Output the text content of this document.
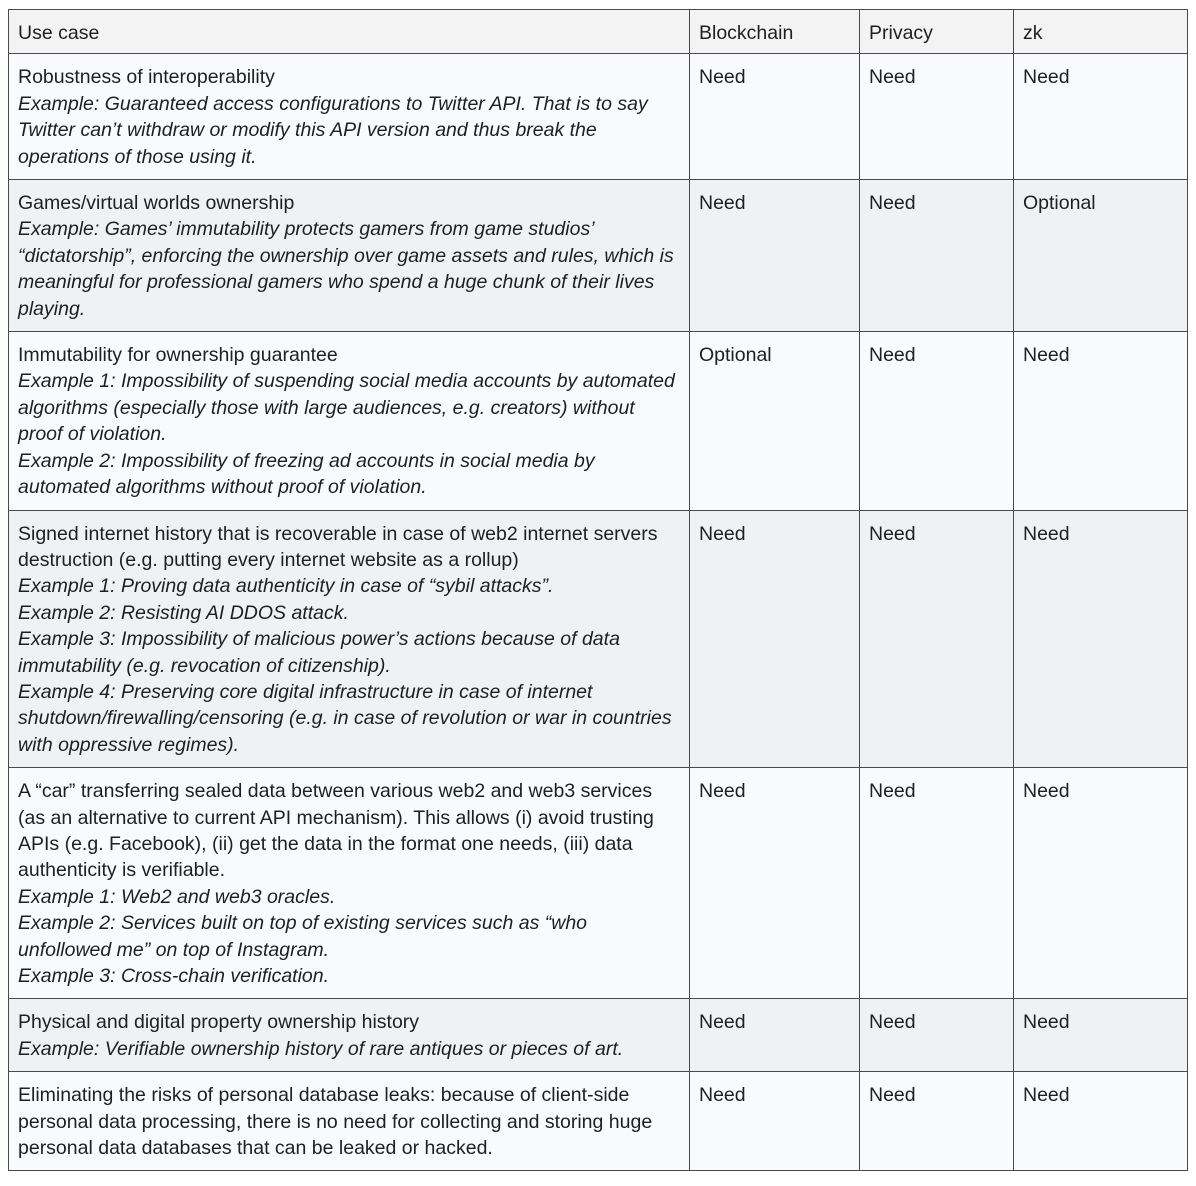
Use case	Blockchain	Privacy	zk

Robustness of interoperability
Example: Guaranteed access configurations to Twitter API. That is to say Twitter can’t withdraw or modify this API version and thus break the operations of those using it.	Need	Need	Need

Games/virtual worlds ownership
Example: Games’ immutability protects gamers from game studios’ “dictatorship”, enforcing the ownership over game assets and rules, which is meaningful for professional gamers who spend a huge chunk of their lives playing.	Need	Need	Optional

Immutability for ownership guarantee
Example 1: Impossibility of suspending social media accounts by automated algorithms (especially those with large audiences, e.g. creators) without proof of violation.
Example 2: Impossibility of freezing ad accounts in social media by automated algorithms without proof of violation.	Optional	Need	Need

Signed internet history that is recoverable in case of web2 internet servers destruction (e.g. putting every internet website as a rollup)
Example 1: Proving data authenticity in case of “sybil attacks”.
Example 2: Resisting AI DDOS attack.
Example 3: Impossibility of malicious power’s actions because of data immutability (e.g. revocation of citizenship).
Example 4: Preserving core digital infrastructure in case of internet shutdown/firewalling/censoring (e.g. in case of revolution or war in countries with oppressive regimes).	Need	Need	Need

A “car” transferring sealed data between various web2 and web3 services (as an alternative to current API mechanism). This allows (i) avoid trusting APIs (e.g. Facebook), (ii) get the data in the format one needs, (iii) data authenticity is verifiable.
Example 1: Web2 and web3 oracles.
Example 2: Services built on top of existing services such as “who unfollowed me” on top of Instagram.
Example 3: Cross-chain verification.	Need	Need	Need

Physical and digital property ownership history
Example: Verifiable ownership history of rare antiques or pieces of art.	Need	Need	Need

Eliminating the risks of personal database leaks: because of client-side personal data processing, there is no need for collecting and storing huge personal data databases that can be leaked or hacked.	Need	Need	Need
